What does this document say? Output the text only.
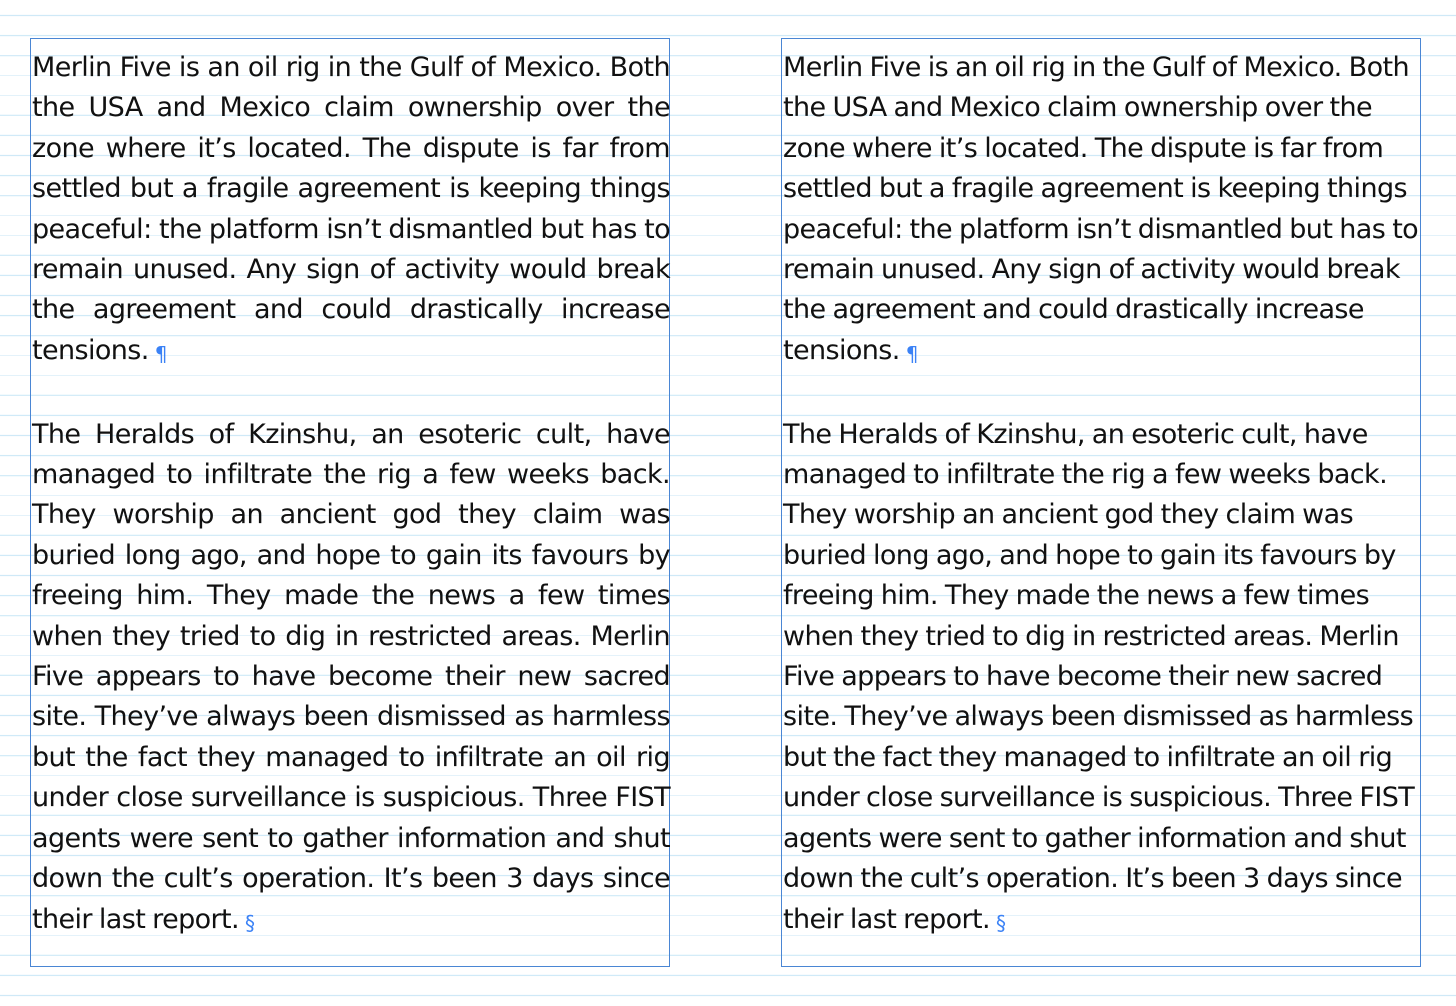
Merlin Five is an oil rig in the Gulf of Mexico. Both the USA and Mexico claim ownership over the zone where it’s located. The dispute is far from settled but a fragile agreement is keeping things peaceful: the platform isn’t dismantled but has to remain unused. Any sign of activity would break the agreement and could drastically increase tensions. ¶

The Heralds of Kzinshu, an esoteric cult, have managed to infiltrate the rig a few weeks back. They worship an ancient god they claim was buried long ago, and hope to gain its favours by freeing him. They made the news a few times when they tried to dig in restricted areas. Merlin Five appears to have become their new sacred site. They’ve always been dismissed as harmless but the fact they managed to infiltrate an oil rig under close surveillance is suspicious. Three FIST agents were sent to gather information and shut down the cult’s operation. It’s been 3 days since their last report. §

Merlin Five is an oil rig in the Gulf of Mexico. Both the USA and Mexico claim ownership over the zone where it’s located. The dispute is far from settled but a fragile agreement is keeping things peaceful: the platform isn’t dismantled but has to remain unused. Any sign of activity would break the agreement and could drastically increase tensions. ¶

The Heralds of Kzinshu, an esoteric cult, have managed to infiltrate the rig a few weeks back. They worship an ancient god they claim was buried long ago, and hope to gain its favours by freeing him. They made the news a few times when they tried to dig in restricted areas. Merlin Five appears to have become their new sacred site. They’ve always been dismissed as harmless but the fact they managed to infiltrate an oil rig under close surveillance is suspicious. Three FIST agents were sent to gather information and shut down the cult’s operation. It’s been 3 days since their last report. §
